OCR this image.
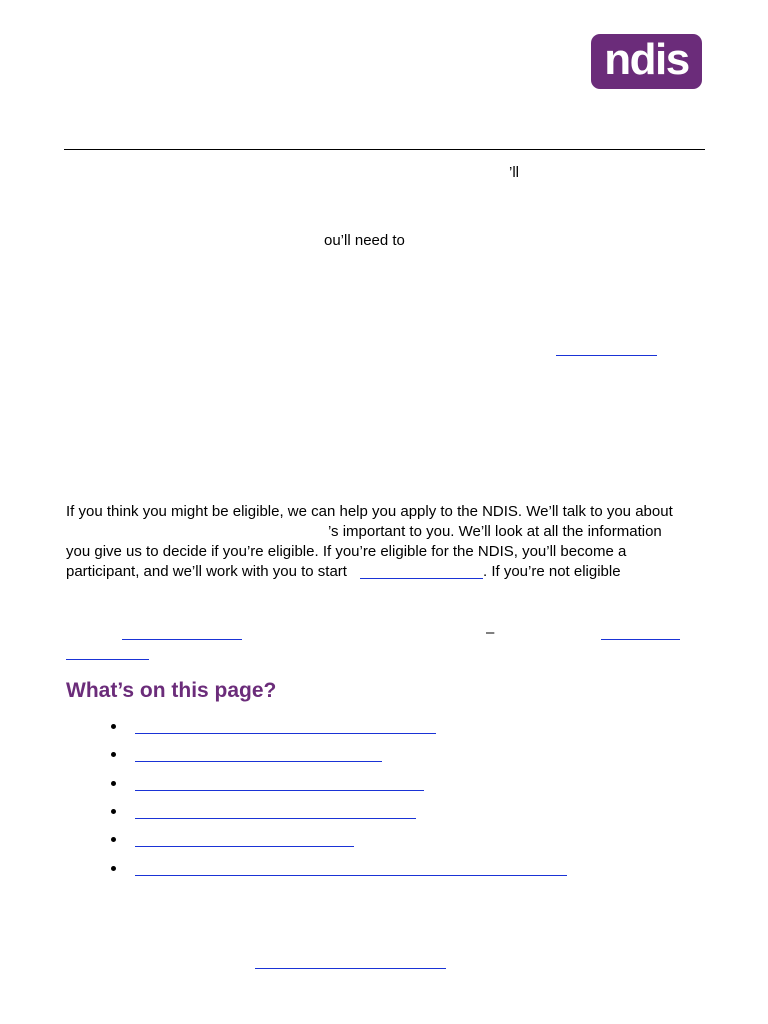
ndis
’ll
ou’ll need to
If you think you might be eligible, we can help you apply to the NDIS. We’ll talk to you about
’s important to you. We’ll look at all the information
you give us to decide if you’re eligible. If you’re eligible for the NDIS, you’ll become a
participant, and we’ll work with you to start	. If you’re not eligible
–
What’s on this page?
